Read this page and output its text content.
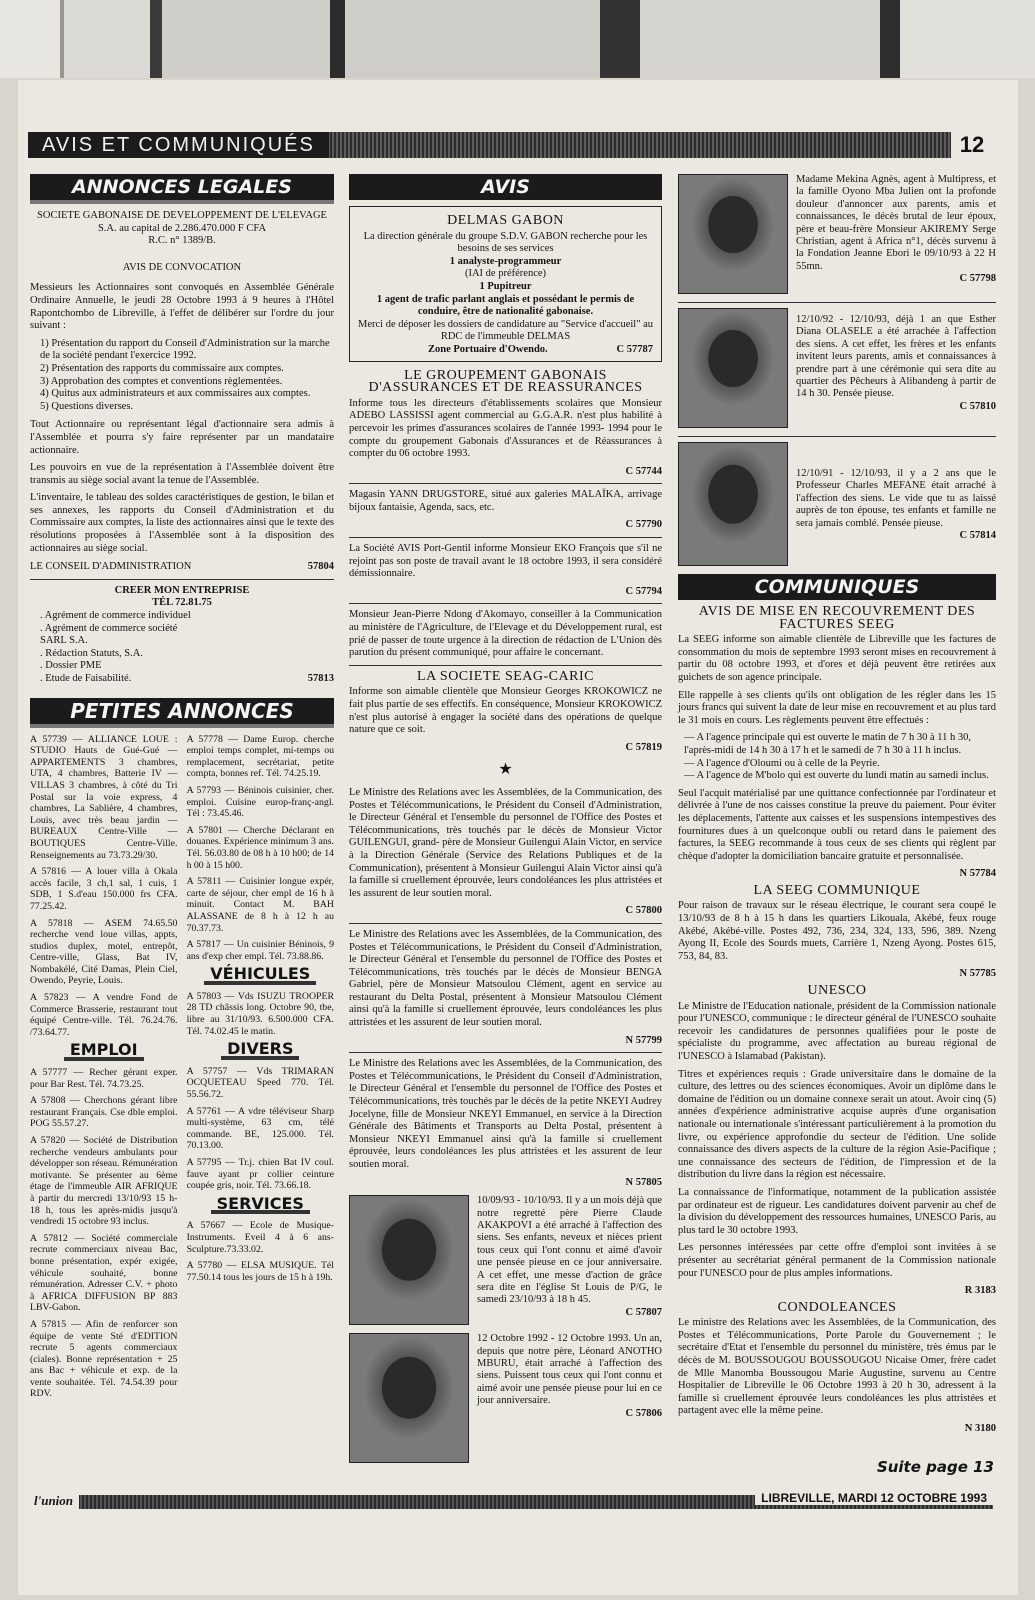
AVIS ET COMMUNIQUÉS	12
ANNONCES LEGALES
SOCIETE GABONAISE DE DEVELOPPEMENT DE L'ELEVAGE
S.A. au capital de 2.286.470.000 F CFA
R.C. n° 1389/B.
AVIS DE CONVOCATION

Messieurs les Actionnaires sont convoqués en Assemblée Générale Ordinaire Annuelle, le jeudi 28 Octobre 1993 à 9 heures à l'Hôtel Rapontchombo de Libreville, à l'effet de délibérer sur l'ordre du jour suivant :

1) Présentation du rapport du Conseil d'Administration sur la marche de la société pendant l'exercice 1992.
2) Présentation des rapports du commissaire aux comptes.
3) Approbation des comptes et conventions règlementées.
4) Quitus aux administrateurs et aux commissaires aux comptes.
5) Questions diverses.

Tout Actionnaire ou représentant légal d'actionnaire sera admis à l'Assemblée et pourra s'y faire représenter par un mandataire actionnaire.

Les pouvoirs en vue de la représentation à l'Assemblée doivent être transmis au siège social avant la tenue de l'Assemblée.

L'inventaire, le tableau des soldes caractéristiques de gestion, le bilan et ses annexes, les rapports du Conseil d'Administration et du Commissaire aux comptes, la liste des actionnaires ainsi que le texte des résolutions proposées à l'Assemblée sont à la disposition des actionnaires au siège social.

LE CONSEIL D'ADMINISTRATION	57804
CREER MON ENTREPRISE
TÉL 72.81.75
. Agrément de commerce individuel
. Agrément de commerce société
SARL S.A.
. Rédaction Statuts, S.A.
. Dossier PME
. Etude de Faisabilité.	57813
PETITES ANNONCES

A 57739 — ALLIANCE LOUE : STUDIO Hauts de Gué-Gué — APPARTEMENTS 3 chambres, UTA, 4 chambres, Batterie IV — VILLAS 3 chambres, à côté du Tri Postal sur la voie express, 4 chambres, La Sablière, 4 chambres, Louis, avec très beau jardin — BUREAUX Centre-Ville — BOUTIQUES Centre-Ville. Renseignements au 73.73.29/30.

A 57816 — A louer villa à Okala accès facile, 3 ch,1 sal, 1 cuis, 1 SDB, 1 S.d'eau 150.000 frs CFA. 77.25.42.

A 57818 — ASEM 74.65.50 recherche vend loue villas, appts, studios duplex, motel, entrepôt, Centre-ville, Glass, Bat IV, Nombakélé, Cité Damas, Plein Ciel, Owendo, Peyrie, Louis.

A 57823 — A vendre Fond de Commerce Brasserie, restaurant tout équipé Centre-ville. Tél. 76.24.76. /73.64.77.

EMPLOI

A 57777 — Recher gérant exper. pour Bar Rest. Tél. 74.73.25.

A 57808 — Cherchons gérant libre restaurant Français. Cse dble emploi. POG 55.57.27.

A 57820 — Société de Distribution recherche vendeurs ambulants pour développer son réseau. Rémunération motivante. Se présenter au 6ème étage de l'immeuble AIR AFRIQUE à partir du mercredi 13/10/93 15 h- 18 h, tous les après-midis jusqu'à vendredi 15 octobre 93 inclus.

A 57812 — Société commerciale recrute commerciaux niveau Bac, bonne présentation, expér exigée, véhicule souhaité, bonne rémunération. Adresser C.V. + photo à AFRICA DIFFUSION BP 883 LBV-Gabon.

A 57815 — Afin de renforcer son équipe de vente Sté d'EDITION recrute 5 agents commerciaux (ciales). Bonne représentation + 25 ans Bac + véhicule et exp. de la vente souhaitée. Tél. 74.54.39 pour RDV.

A 57778 — Dame Europ. cherche emploi temps complet, mi-temps ou remplacement, secrétariat, petite compta, bonnes ref. Tél. 74.25.19.

A 57793 — Béninois cuisinier, cher. emploi. Cuisine europ-franç-angl. Tél : 73.45.46.

A 57801 — Cherche Déclarant en douanes. Expérience minimum 3 ans. Tél. 56.03.80 de 08 h à 10 h00; de 14 h 00 à 15 h00.

A 57811 — Cuisinier longue expér, carte de séjour, cher empl de 16 h à minuit. Contact M. BAH ALASSANE de 8 h à 12 h au 70.37.73.

A 57817 — Un cuisinier Béninois, 9 ans d'exp cher empl. Tél. 73.88.86.

VÉHICULES

A 57803 — Vds ISUZU TROOPER 28 TD châssis long. Octobre 90, tbe, libre au 31/10/93. 6.500.000 CFA. Tél. 74.02.45 le matin.

DIVERS

A 57757 — Vds TRIMARAN OCQUETEAU Speed 770. Tél. 55.56.72.

A 57761 — A vdre téléviseur Sharp multi-système, 63 cm, télé commande. BE, 125.000. Tél. 70.13.00.

A 57795 — Tr.j. chien Bat IV coul. fauve ayant pr collier ceinture coupée gris, noir. Tél. 73.66.18.

SERVICES

A 57667 — Ecole de Musique-Instruments. Eveil 4 à 6 ans-Sculpture.73.33.02.

A 57780 — ELSA MUSIQUE. Tél 77.50.14 tous les jours de 15 h à 19h.

AVIS
DELMAS GABON
La direction générale du groupe S.D.V. GABON recherche pour les besoins de ses services
1 analyste-programmeur
(IAI de préférence)
1 Pupitreur
1 agent de trafic parlant anglais et possédant le permis de conduire, être de nationalité gabonaise.
Merci de déposer les dossiers de candidature au "Service d'accueil" au RDC de l'immeuble DELMAS
Zone Portuaire d'Owendo.	C 57787
LE GROUPEMENT GABONAIS D'ASSURANCES ET DE REASSURANCES

Informe tous les directeurs d'établissements scolaires que Monsieur ADEBO LASSISSI agent commercial au G.G.A.R. n'est plus habilité à percevoir les primes d'assurances scolaires de l'année 1993- 1994 pour le compte du groupement Gabonais d'Assurances et de Réassurances à compter du 06 octobre 1993.

C 57744

Magasin YANN DRUGSTORE, situé aux galeries MALAÏKA, arrivage bijoux fantaisie, Agenda, sacs, etc.

C 57790

La Société AVIS Port-Gentil informe Monsieur EKO François que s'il ne rejoint pas son poste de travail avant le 18 octobre 1993, il sera considéré démissionnaire.

C 57794

Monsieur Jean-Pierre Ndong d'Akomayo, conseiller à la Communication au ministère de l'Agriculture, de l'Elevage et du Développement rural, est prié de passer de toute urgence à la direction de rédaction de L'Union dès parution du présent communiqué, pour affaire le concernant.

LA SOCIETE SEAG-CARIC

Informe son aimable clientèle que Monsieur Georges KROKOWICZ ne fait plus partie de ses effectifs. En conséquence, Monsieur KROKOWICZ n'est plus autorisé à engager la société dans des opérations de quelque nature que ce soit.

C 57819
★

Le Ministre des Relations avec les Assemblées, de la Communication, des Postes et Télécommunications, le Président du Conseil d'Administration, le Directeur Général et l'ensemble du personnel de l'Office des Postes et Télécommunications, très touchés par le décès de Monsieur Victor GUILENGUI, grand- père de Monsieur Guilengui Alain Victor, en service à la Direction Générale (Service des Relations Publiques et de la Communication), présentent à Monsieur Guilengui Alain Victor ainsi qu'à la famille si cruellement éprouvée, leurs condoléances les plus attristées et les assurent de leur soutien moral.

C 57800

Le Ministre des Relations avec les Assemblées, de la Communication, des Postes et Télécommunications, le Président du Conseil d'Administration, le Directeur Général et l'ensemble du personnel de l'Office des Postes et Télécommunications, très touchés par le décès de Monsieur BENGA Gabriel, père de Monsieur Matsoulou Clément, agent en service au restaurant du Delta Postal, présentent à Monsieur Matsoulou Clément ainsi qu'à la famille si cruellement éprouvée, leurs condoléances les plus attristées et les assurent de leur soutien moral.

N 57799

Le Ministre des Relations avec les Assemblées, de la Communication, des Postes et Télécommunications, le Président du Conseil d'Administration, le Directeur Général et l'ensemble du personnel de l'Office des Postes et Télécommunications, très touchés par le décès de la petite NKEYI Audrey Jocelyne, fille de Monsieur NKEYI Emmanuel, en service à la Direction Générale des Bâtiments et Transports au Delta Postal, présentent à Monsieur NKEYI Emmanuel ainsi qu'à la famille si cruellement éprouvée, leurs condoléances les plus attristées et les assurent de leur soutien moral.

N 57805
10/09/93 - 10/10/93. Il y a un mois déjà que notre regretté père Pierre Claude AKAKPOVI a été arraché à l'affection des siens. Ses enfants, neveux et nièces prient tous ceux qui l'ont connu et aimé d'avoir une pensée pieuse en ce jour anniversaire. A cet effet, une messe d'action de grâce sera dite en l'église St Louis de P/G, le samedi 23/10/93 à 18 h 45.
C 57807
12 Octobre 1992 - 12 Octobre 1993. Un an, depuis que notre père, Léonard ANOTHO MBURU, était arraché à l'affection des siens. Puissent tous ceux qui l'ont connu et aimé avoir une pensée pieuse pour lui en ce jour anniversaire.
C 57806
Madame Mekina Agnès, agent à Multipress, et la famille Oyono Mba Julien ont la profonde douleur d'annoncer aux parents, amis et connaissances, le décès brutal de leur époux, père et beau-frère Monsieur AKIREMY Serge Christian, agent à Africa n°1, décès survenu à la Fondation Jeanne Ebori le 09/10/93 à 22 H 55mn.
C 57798
12/10/92 - 12/10/93, déjà 1 an que Esther Diana OLASELE a été arrachée à l'affection des siens. A cet effet, les frères et les enfants invitent leurs parents, amis et connaissances à prendre part à une cérémonie qui sera dite au quartier des Pêcheurs à Alibandeng à partir de 14 h 30. Pensée pieuse.
C 57810
12/10/91 - 12/10/93, il y a 2 ans que le Professeur Charles MEFANE était arraché à l'affection des siens. Le vide que tu as laissé auprès de ton épouse, tes enfants et famille ne sera jamais comblé. Pensée pieuse.
C 57814
COMMUNIQUES
AVIS DE MISE EN RECOUVREMENT DES FACTURES SEEG

La SEEG informe son aimable clientèle de Libreville que les factures de consommation du mois de septembre 1993 seront mises en recouvrement à partir du 08 octobre 1993, et d'ores et déjà peuvent être retirées aux guichets de son agence principale.

Elle rappelle à ses clients qu'ils ont obligation de les régler dans les 15 jours francs qui suivent la date de leur mise en recouvrement et au plus tard le 31 mois en cours. Les règlements peuvent être effectués :

— A l'agence principale qui est ouverte le matin de 7 h 30 à 11 h 30, l'après-midi de 14 h 30 à 17 h et le samedi de 7 h 30 à 11 h inclus.
— A l'agence d'Oloumi ou à celle de la Peyrie.
— A l'agence de M'bolo qui est ouverte du lundi matin au samedi inclus.

Seul l'acquit matérialisé par une quittance confectionnée par l'ordinateur et délivrée à l'une de nos caisses constitue la preuve du paiement. Pour éviter les déplacements, l'attente aux caisses et les suspensions intempestives des fournitures dues à un quelconque oubli ou retard dans le paiement des factures, la SEEG recommande à tous ceux de ses clients qui règlent par chèque d'adopter la domiciliation bancaire gratuite et personnalisée.

N 57784
LA SEEG COMMUNIQUE

Pour raison de travaux sur le réseau électrique, le courant sera coupé le 13/10/93 de 8 h à 15 h dans les quartiers Likouala, Akébé, feux rouge Akébé, Akébé-ville. Postes 492, 736, 234, 324, 133, 596, 389. Nzeng Ayong II, Ecole des Sourds muets, Carrière 1, Nzeng Ayong. Postes 615, 753, 84, 83.

N 57785
UNESCO

Le Ministre de l'Education nationale, président de la Commission nationale pour l'UNESCO, communique : le directeur général de l'UNESCO souhaite recevoir les candidatures de personnes qualifiées pour le poste de spécialiste du programme, avec affectation au bureau régional de l'UNESCO à Islamabad (Pakistan).

Titres et expériences requis : Grade universitaire dans le domaine de la culture, des lettres ou des sciences économiques. Avoir un diplôme dans le domaine de l'édition ou un domaine connexe serait un atout. Avoir cinq (5) années d'expérience administrative acquise auprès d'une organisation nationale ou internationale s'intéressant particulièrement à la promotion du livre, ou expérience approfondie du secteur de l'édition. Une solide connaissance des divers aspects de la culture de la région Asie-Pacifique ; une connaissance des secteurs de l'édition, de l'impression et de la distribution du livre dans la région est nécessaire.

La connaissance de l'informatique, notamment de la publication assistée par ordinateur est de rigueur. Les candidatures doivent parvenir au chef de la division du développement des ressources humaines, UNESCO Paris, au plus tard le 30 octobre 1993.

Les personnes intéressées par cette offre d'emploi sont invitées à se présenter au secrétariat général permanent de la Commission nationale pour l'UNESCO pour de plus amples informations.

R 3183
CONDOLEANCES

Le ministre des Relations avec les Assemblées, de la Communication, des Postes et Télécommunications, Porte Parole du Gouvernement ; le secrétaire d'Etat et l'ensemble du personnel du ministère, très émus par le décès de M. BOUSSOUGOU BOUSSOUGOU Nicaise Omer, frère cadet de Mlle Manomba Boussougou Marie Augustine, survenu au Centre Hospitalier de Libreville le 06 Octobre 1993 à 20 h 30, adressent à la famille si cruellement éprouvée leurs condoléances les plus attristées et partagent avec elle la même peine.

N 3180
Suite page 13
l'union	LIBREVILLE, MARDI 12 OCTOBRE 1993
